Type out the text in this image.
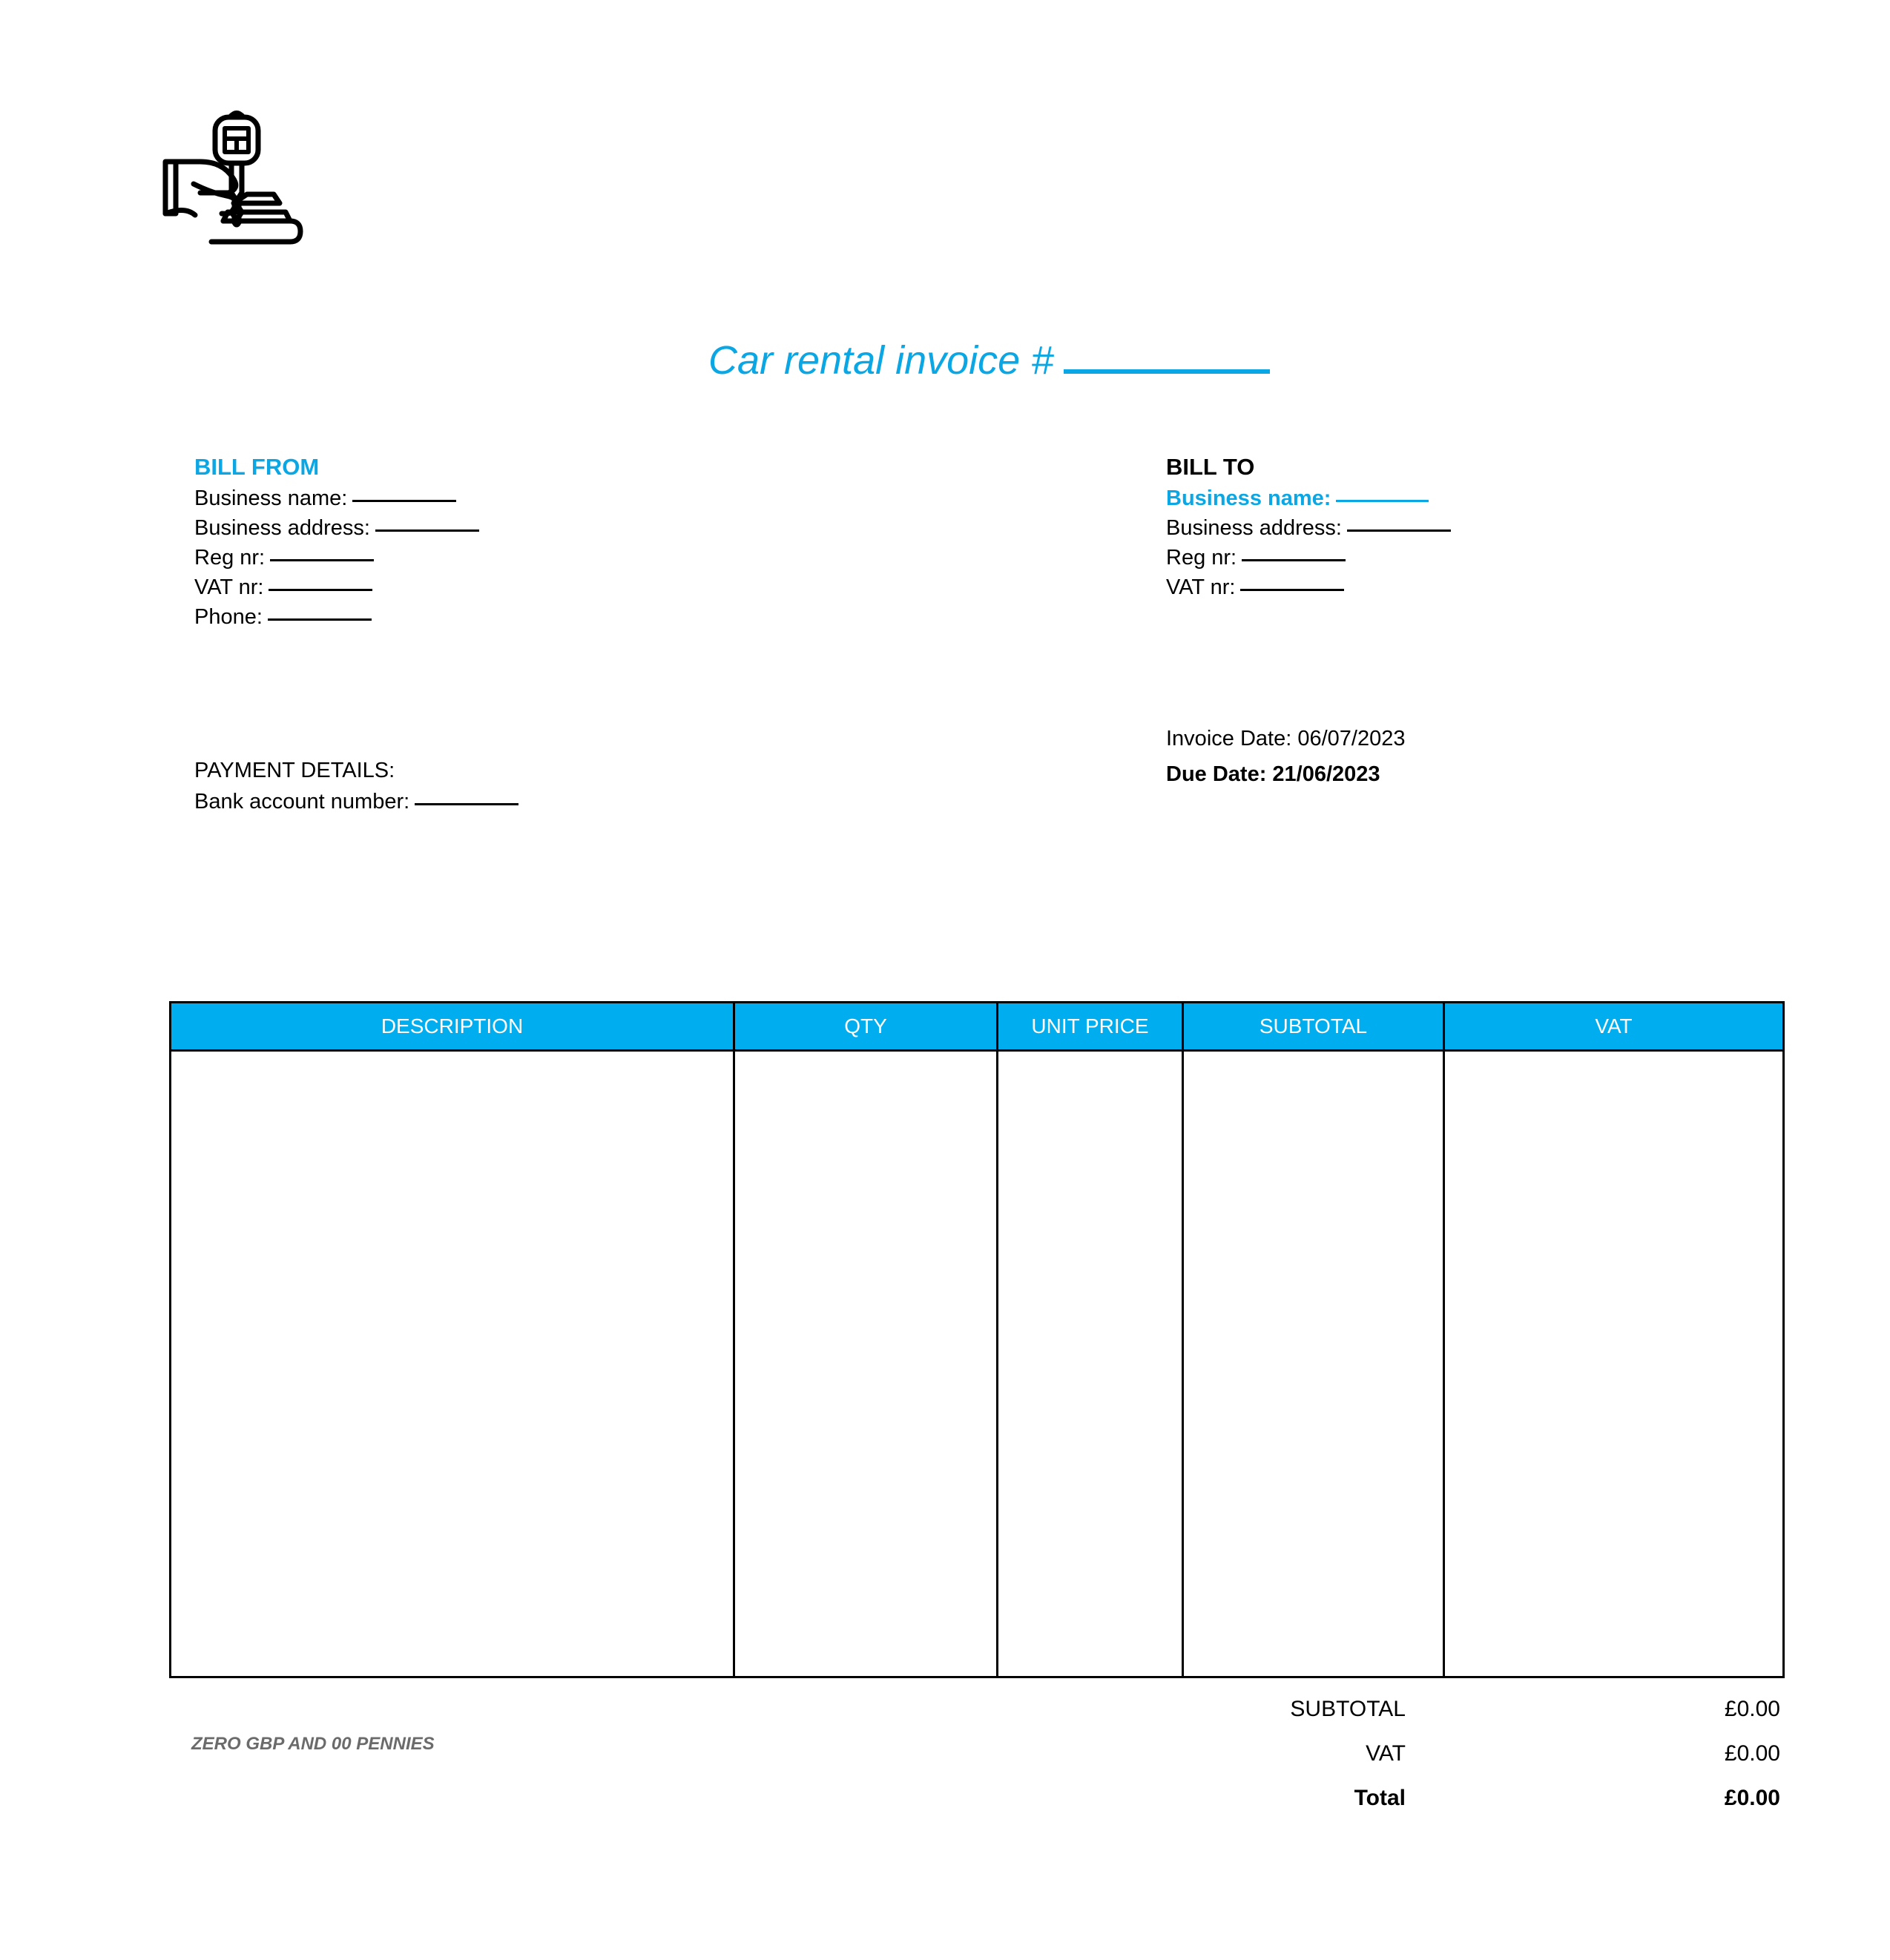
Car rental invoice #
BILL FROM
Business name:
Business address:
Reg nr:
VAT nr:
Phone:
BILL TO
Business name:
Business address:
Reg nr:
VAT nr:
Invoice Date: 06/07/2023
Due Date: 21/06/2023
PAYMENT DETAILS:
Bank account number:
DESCRIPTION	QTY	UNIT PRICE	SUBTOTAL	VAT

ZERO GBP AND 00 PENNIES
SUBTOTAL	£0.00
VAT	£0.00
Total	£0.00
